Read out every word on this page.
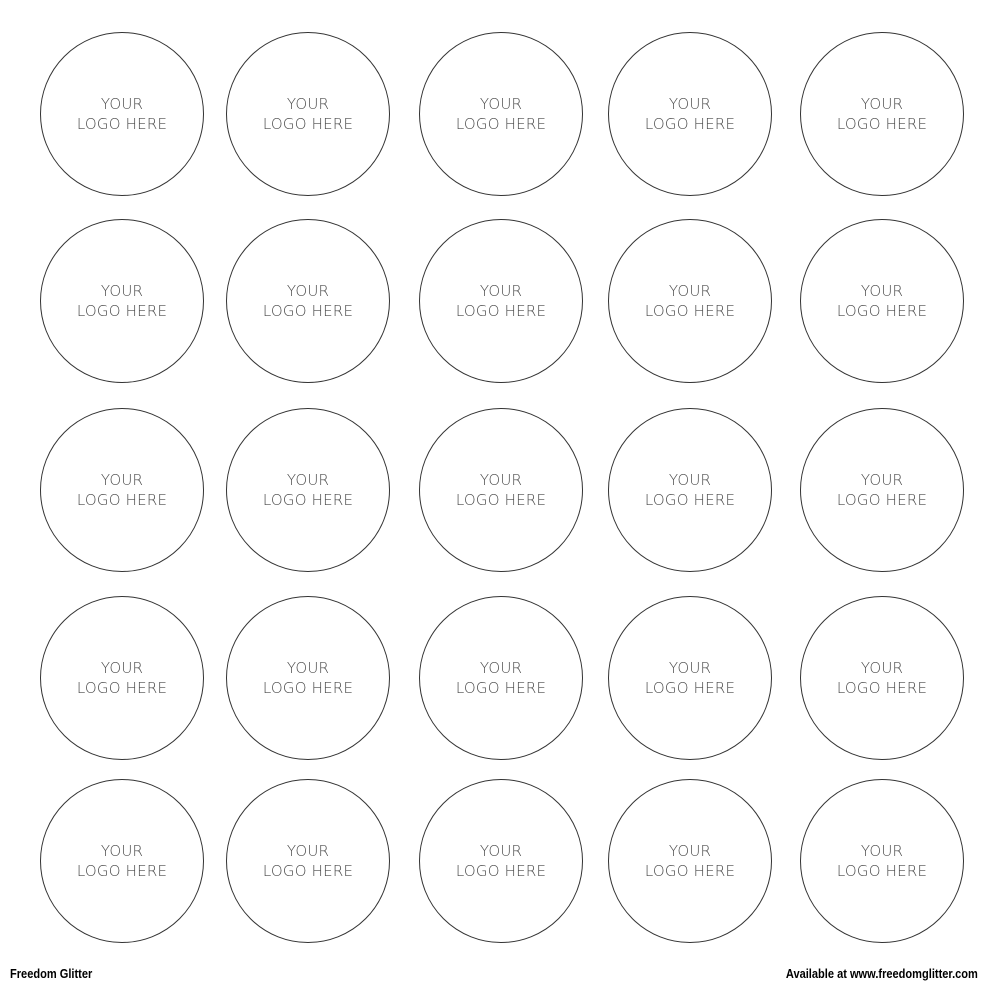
YOUR
LOGO HERE
YOUR
LOGO HERE
YOUR
LOGO HERE
YOUR
LOGO HERE
YOUR
LOGO HERE
YOUR
LOGO HERE
YOUR
LOGO HERE
YOUR
LOGO HERE
YOUR
LOGO HERE
YOUR
LOGO HERE
YOUR
LOGO HERE
YOUR
LOGO HERE
YOUR
LOGO HERE
YOUR
LOGO HERE
YOUR
LOGO HERE
YOUR
LOGO HERE
YOUR
LOGO HERE
YOUR
LOGO HERE
YOUR
LOGO HERE
YOUR
LOGO HERE
YOUR
LOGO HERE
YOUR
LOGO HERE
YOUR
LOGO HERE
YOUR
LOGO HERE
YOUR
LOGO HERE
Freedom Glitter	Available at www.freedomglitter.com
